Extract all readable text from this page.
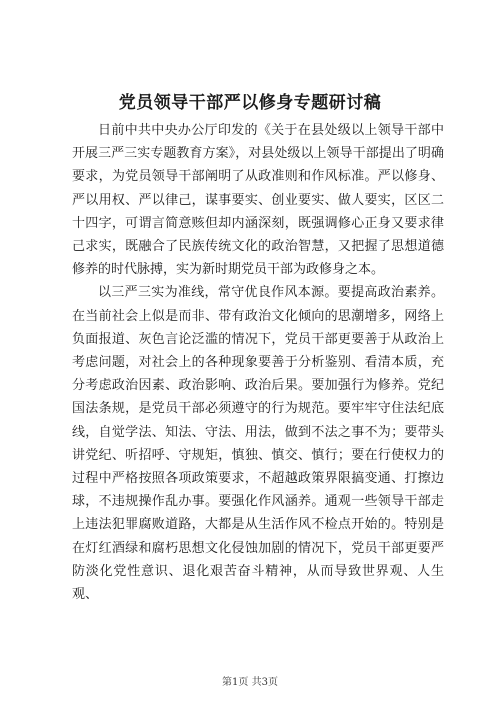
党员领导干部严以修身专题研讨稿

日前中共中央办公厅印发的《关于在县处级以上领导干部中开展三严三实专题教育方案》，对县处级以上领导干部提出了明确要求，为党员领导干部阐明了从政准则和作风标准。严以修身、严以用权、严以律己，谋事要实、创业要实、做人要实，区区二十四字，可谓言简意赅但却内涵深刻，既强调修心正身又要求律己求实，既融合了民族传统文化的政治智慧，又把握了思想道德修养的时代脉搏，实为新时期党员干部为政修身之本。

以三严三实为准线，常守优良作风本源。要提高政治素养。在当前社会上似是而非、带有政治文化倾向的思潮增多，网络上负面报道、灰色言论泛滥的情况下，党员干部更要善于从政治上考虑问题，对社会上的各种现象要善于分析鉴别、看清本质，充分考虑政治因素、政治影响、政治后果。要加强行为修养。党纪国法条规，是党员干部必须遵守的行为规范。要牢牢守住法纪底线，自觉学法、知法、守法、用法，做到不法之事不为；要带头讲党纪、听招呼、守规矩，慎独、慎交、慎行；要在行使权力的过程中严格按照各项政策要求，不超越政策界限搞变通、打擦边球，不违规操作乱办事。要强化作风涵养。通观一些领导干部走上违法犯罪腐败道路，大都是从生活作风不检点开始的。特别是在灯红酒绿和腐朽思想文化侵蚀加剧的情况下，党员干部更要严防淡化党性意识、退化艰苦奋斗精神，从而导致世界观、人生观、

第1页 共3页
